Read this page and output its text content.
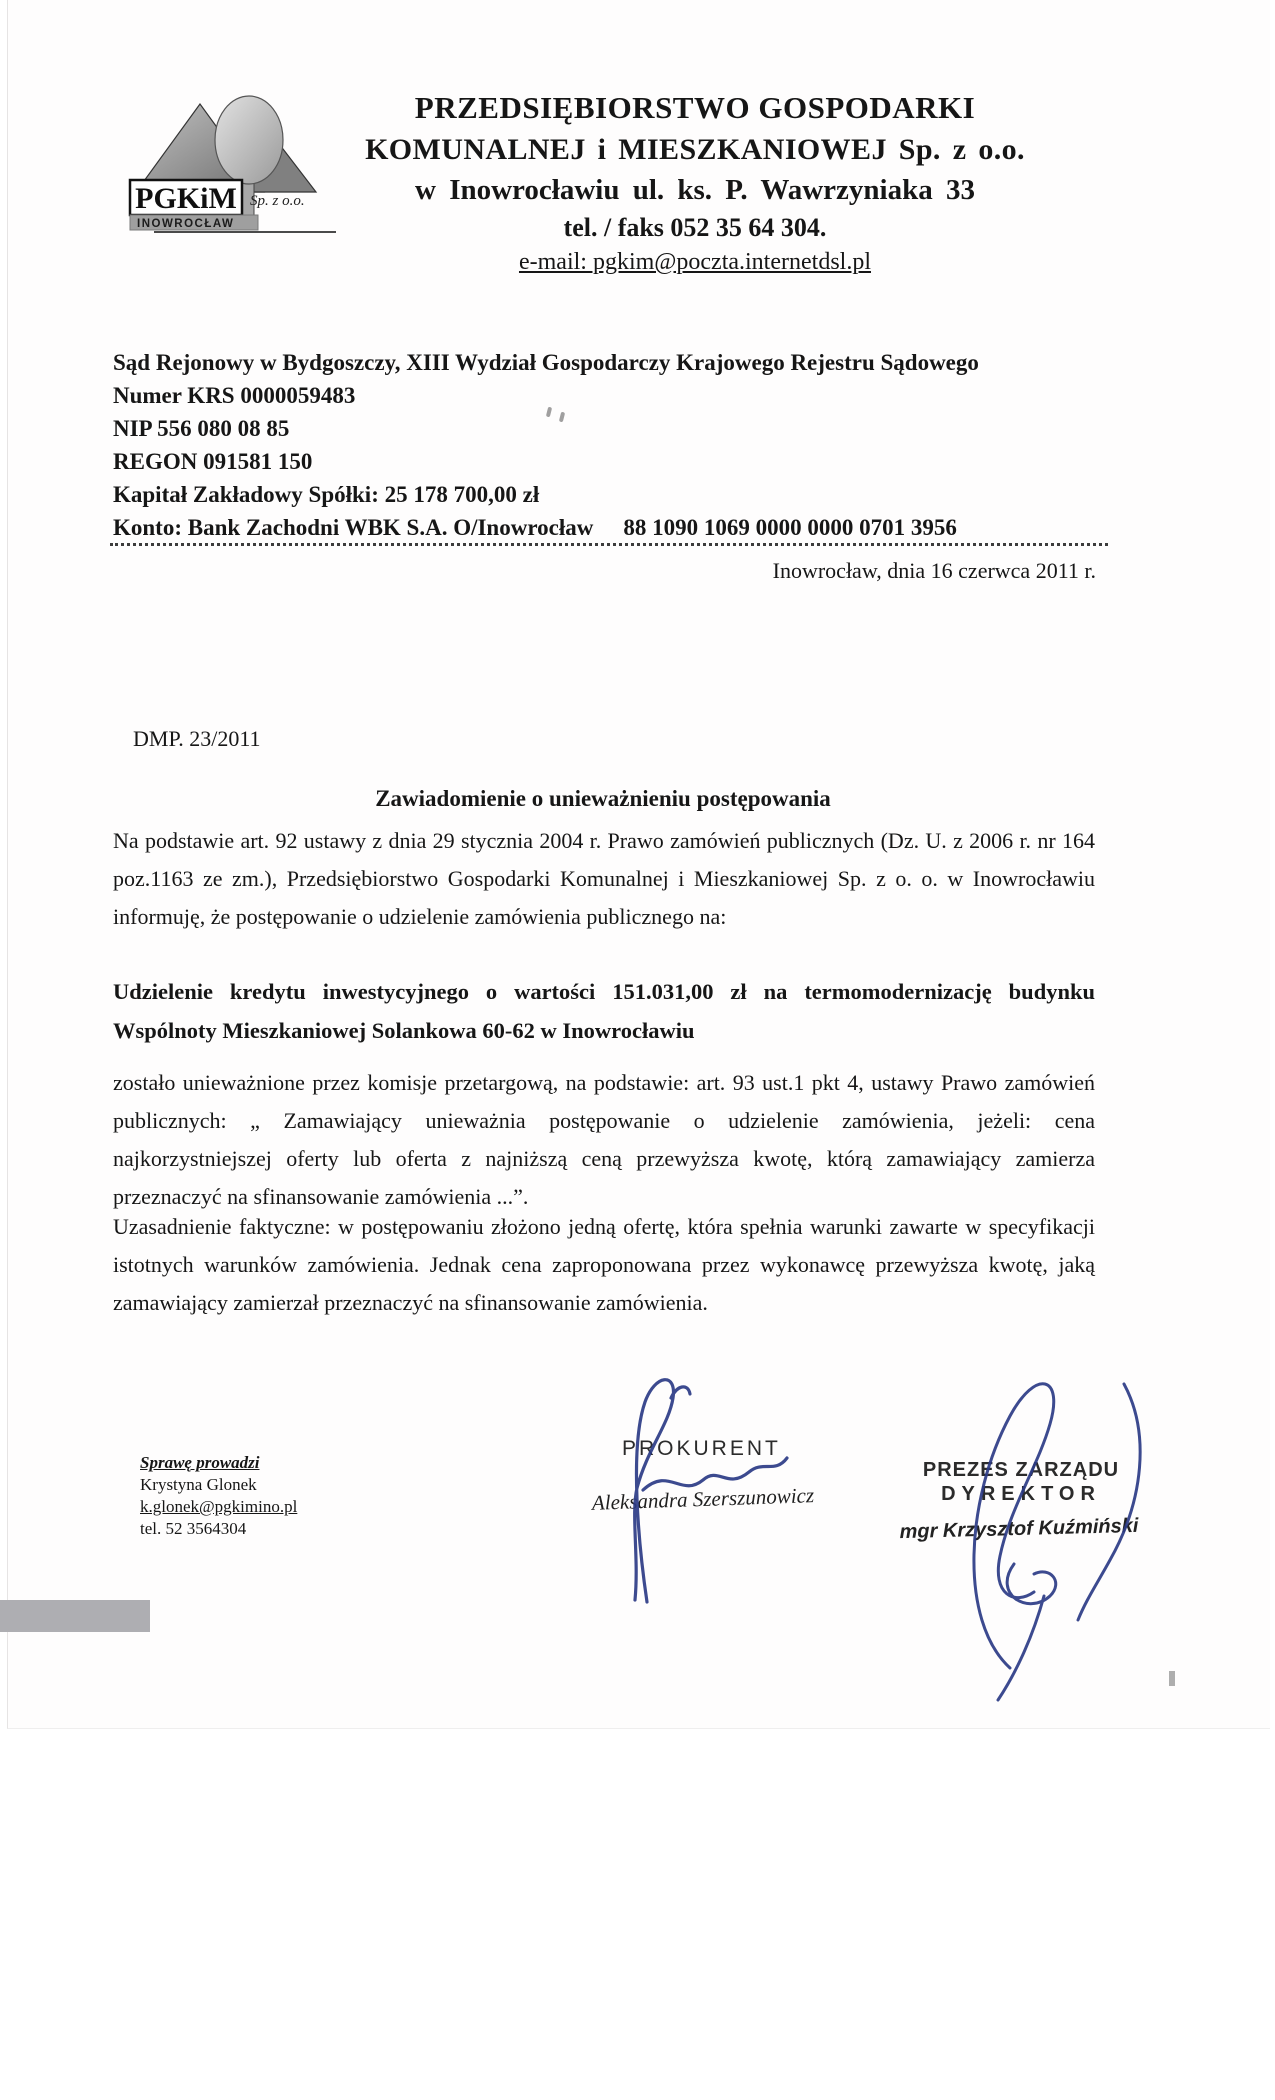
PGKiM Sp. z o.o.
INOWROCŁAW
PRZEDSIĘBIORSTWO GOSPODARKI
KOMUNALNEJ i MIESZKANIOWEJ Sp. z o.o.
w Inowrocławiu ul. ks. P. Wawrzyniaka 33
tel. / faks 052 35 64 304.
e-mail: pgkim@poczta.internetdsl.pl
Sąd Rejonowy w Bydgoszczy, XIII Wydział Gospodarczy Krajowego Rejestru Sądowego
Numer KRS 0000059483
NIP 556 080 08 85
REGON 091581 150
Kapitał Zakładowy Spółki: 25 178 700,00 zł
Konto: Bank Zachodni WBK S.A. O/Inowrocław 88 1090 1069 0000 0000 0701 3956
Inowrocław, dnia 16 czerwca 2011 r.
DMP. 23/2011
Zawiadomienie o unieważnieniu postępowania
Na podstawie art. 92 ustawy z dnia 29 stycznia 2004 r. Prawo zamówień publicznych (Dz. U. z 2006 r. nr 164 poz.1163 ze zm.), Przedsiębiorstwo Gospodarki Komunalnej i Mieszkaniowej Sp. z o. o. w Inowrocławiu informuję, że postępowanie o udzielenie zamówienia publicznego na:
Udzielenie kredytu inwestycyjnego o wartości 151.031,00 zł na termomodernizację budynku Wspólnoty Mieszkaniowej Solankowa 60-62 w Inowrocławiu
zostało unieważnione przez komisje przetargową, na podstawie: art. 93 ust.1 pkt 4, ustawy Prawo zamówień publicznych: „ Zamawiający unieważnia postępowanie o udzielenie zamówienia, jeżeli: cena najkorzystniejszej oferty lub oferta z najniższą ceną przewyższa kwotę, którą zamawiający zamierza przeznaczyć na sfinansowanie zamówienia ...”.
Uzasadnienie faktyczne: w postępowaniu złożono jedną ofertę, która spełnia warunki zawarte w specyfikacji istotnych warunków zamówienia. Jednak cena zaproponowana przez wykonawcę przewyższa kwotę, jaką zamawiający zamierzał przeznaczyć na sfinansowanie zamówienia.
Sprawę prowadzi
Krystyna Glonek
k.glonek@pgkimino.pl
tel. 52 3564304
PROKURENT
Aleksandra Szerszunowicz
PREZES ZARZĄDU
DYREKTOR
mgr Krzysztof Kuźmiński
